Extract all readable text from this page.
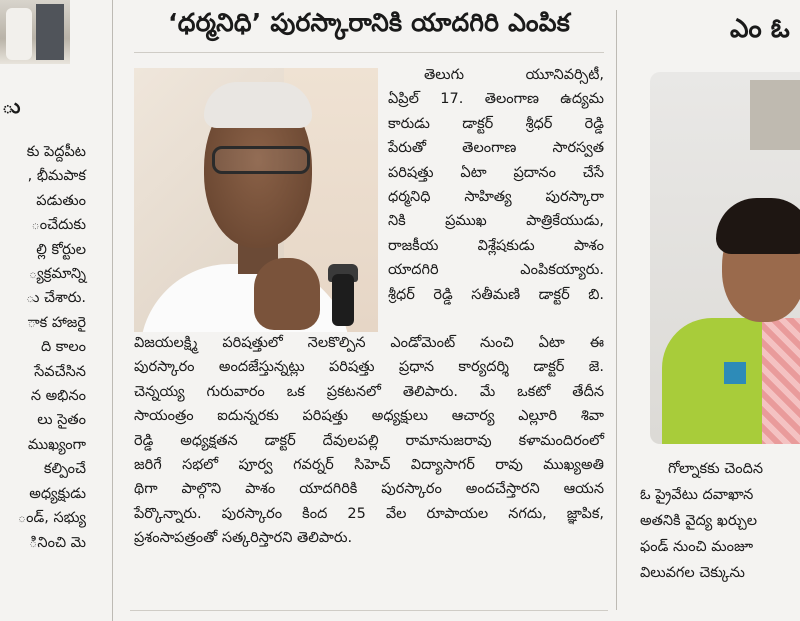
ు
కు పెద్దపీట
, భీమపాక
పడుతుం
ంచేదుకు
ల్లి కోర్టుల
్యక్రమాన్ని
ు చేశారు.
ాక హాజరై
ది కాలం
సేవచేసిన
న అభినం
లు సైతం
ముఖ్యంగా
కల్పించే
అధ్యక్షుడు
ండ్, సభ్యు
ినించి మె
‘ధర్మనిధి’ పురస్కారానికి యాదగిరి ఎంపిక
తెలుగు యూనివర్సిటీ,
ఏప్రిల్ 17. తెలంగాణ ఉద్యమ
కారుడు డాక్టర్ శ్రీధర్ రెడ్డి
పేరుతో తెలంగాణ సారస్వత
పరిషత్తు ఏటా ప్రదానం చేసే
ధర్మనిధి సాహిత్య పురస్కారా
నికి ప్రముఖ పాత్రికేయుడు,
రాజకీయ విశ్లేషకుడు పాశం
యాదగిరి ఎంపికయ్యారు.
శ్రీధర్ రెడ్డి సతీమణి డాక్టర్ బి.
విజయలక్ష్మి పరిషత్తులో నెలకొల్పిన ఎండోమెంట్ నుంచి ఏటా ఈ
పురస్కారం అందజేస్తున్నట్లు పరిషత్తు ప్రధాన కార్యదర్శి డాక్టర్ జె.
చెన్నయ్య గురువారం ఒక ప్రకటనలో తెలిపారు. మే ఒకటో తేదీన
సాయంత్రం ఐదున్నరకు పరిషత్తు అధ్యక్షులు ఆచార్య ఎల్లూరి శివా
రెడ్డి అధ్యక్షతన డాక్టర్ దేవులపల్లి రామానుజరావు కళామందిరంలో
జరిగే సభలో పూర్వ గవర్నర్ సిహెచ్ విద్యాసాగర్ రావు ముఖ్యఅతి
థిగా పాల్గొని పాశం యాదగిరికి పురస్కారం అందచేస్తారని ఆయన
పేర్కొన్నారు. పురస్కారం కింద 25 వేల రూపాయల నగదు, జ్ఞాపిక,
ప్రశంసాపత్రంతో సత్కరిస్తారని తెలిపారు.
ఎం ఓ
గోల్నాకకు చెందిన
ఓ ప్రైవేటు దవాఖాన
అతనికి వైద్య ఖర్చుల
ఫండ్ నుంచి మంజూ
విలువగల చెక్కును
